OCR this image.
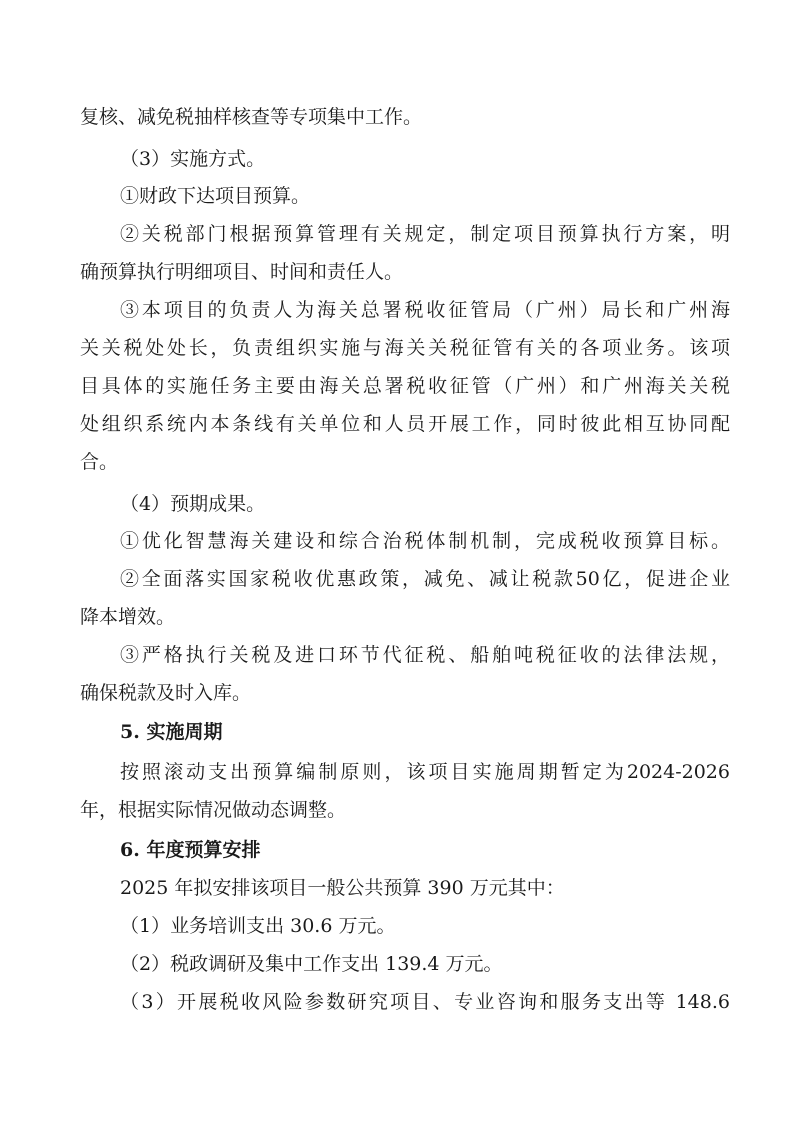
复核、减免税抽样核查等专项集中工作。
（3）实施方式。
①财政下达项目预算。
②关税部门根据预算管理有关规定，制定项目预算执行方案，明
确预算执行明细项目、时间和责任人。
③本项目的负责人为海关总署税收征管局（广州）局长和广州海
关关税处处长，负责组织实施与海关关税征管有关的各项业务。该项
目具体的实施任务主要由海关总署税收征管（广州）和广州海关关税
处组织系统内本条线有关单位和人员开展工作，同时彼此相互协同配
合。
（4）预期成果。
①优化智慧海关建设和综合治税体制机制，完成税收预算目标。
②全面落实国家税收优惠政策，减免、减让税款50亿，促进企业
降本增效。
③严格执行关税及进口环节代征税、船舶吨税征收的法律法规，
确保税款及时入库。
5. 实施周期
按照滚动支出预算编制原则，该项目实施周期暂定为2024-2026
年，根据实际情况做动态调整。
6. 年度预算安排
2025 年拟安排该项目一般公共预算 390 万元其中：
（1）业务培训支出 30.6 万元。
（2）税政调研及集中工作支出 139.4 万元。
（3）开展税收风险参数研究项目、专业咨询和服务支出等 148.6
